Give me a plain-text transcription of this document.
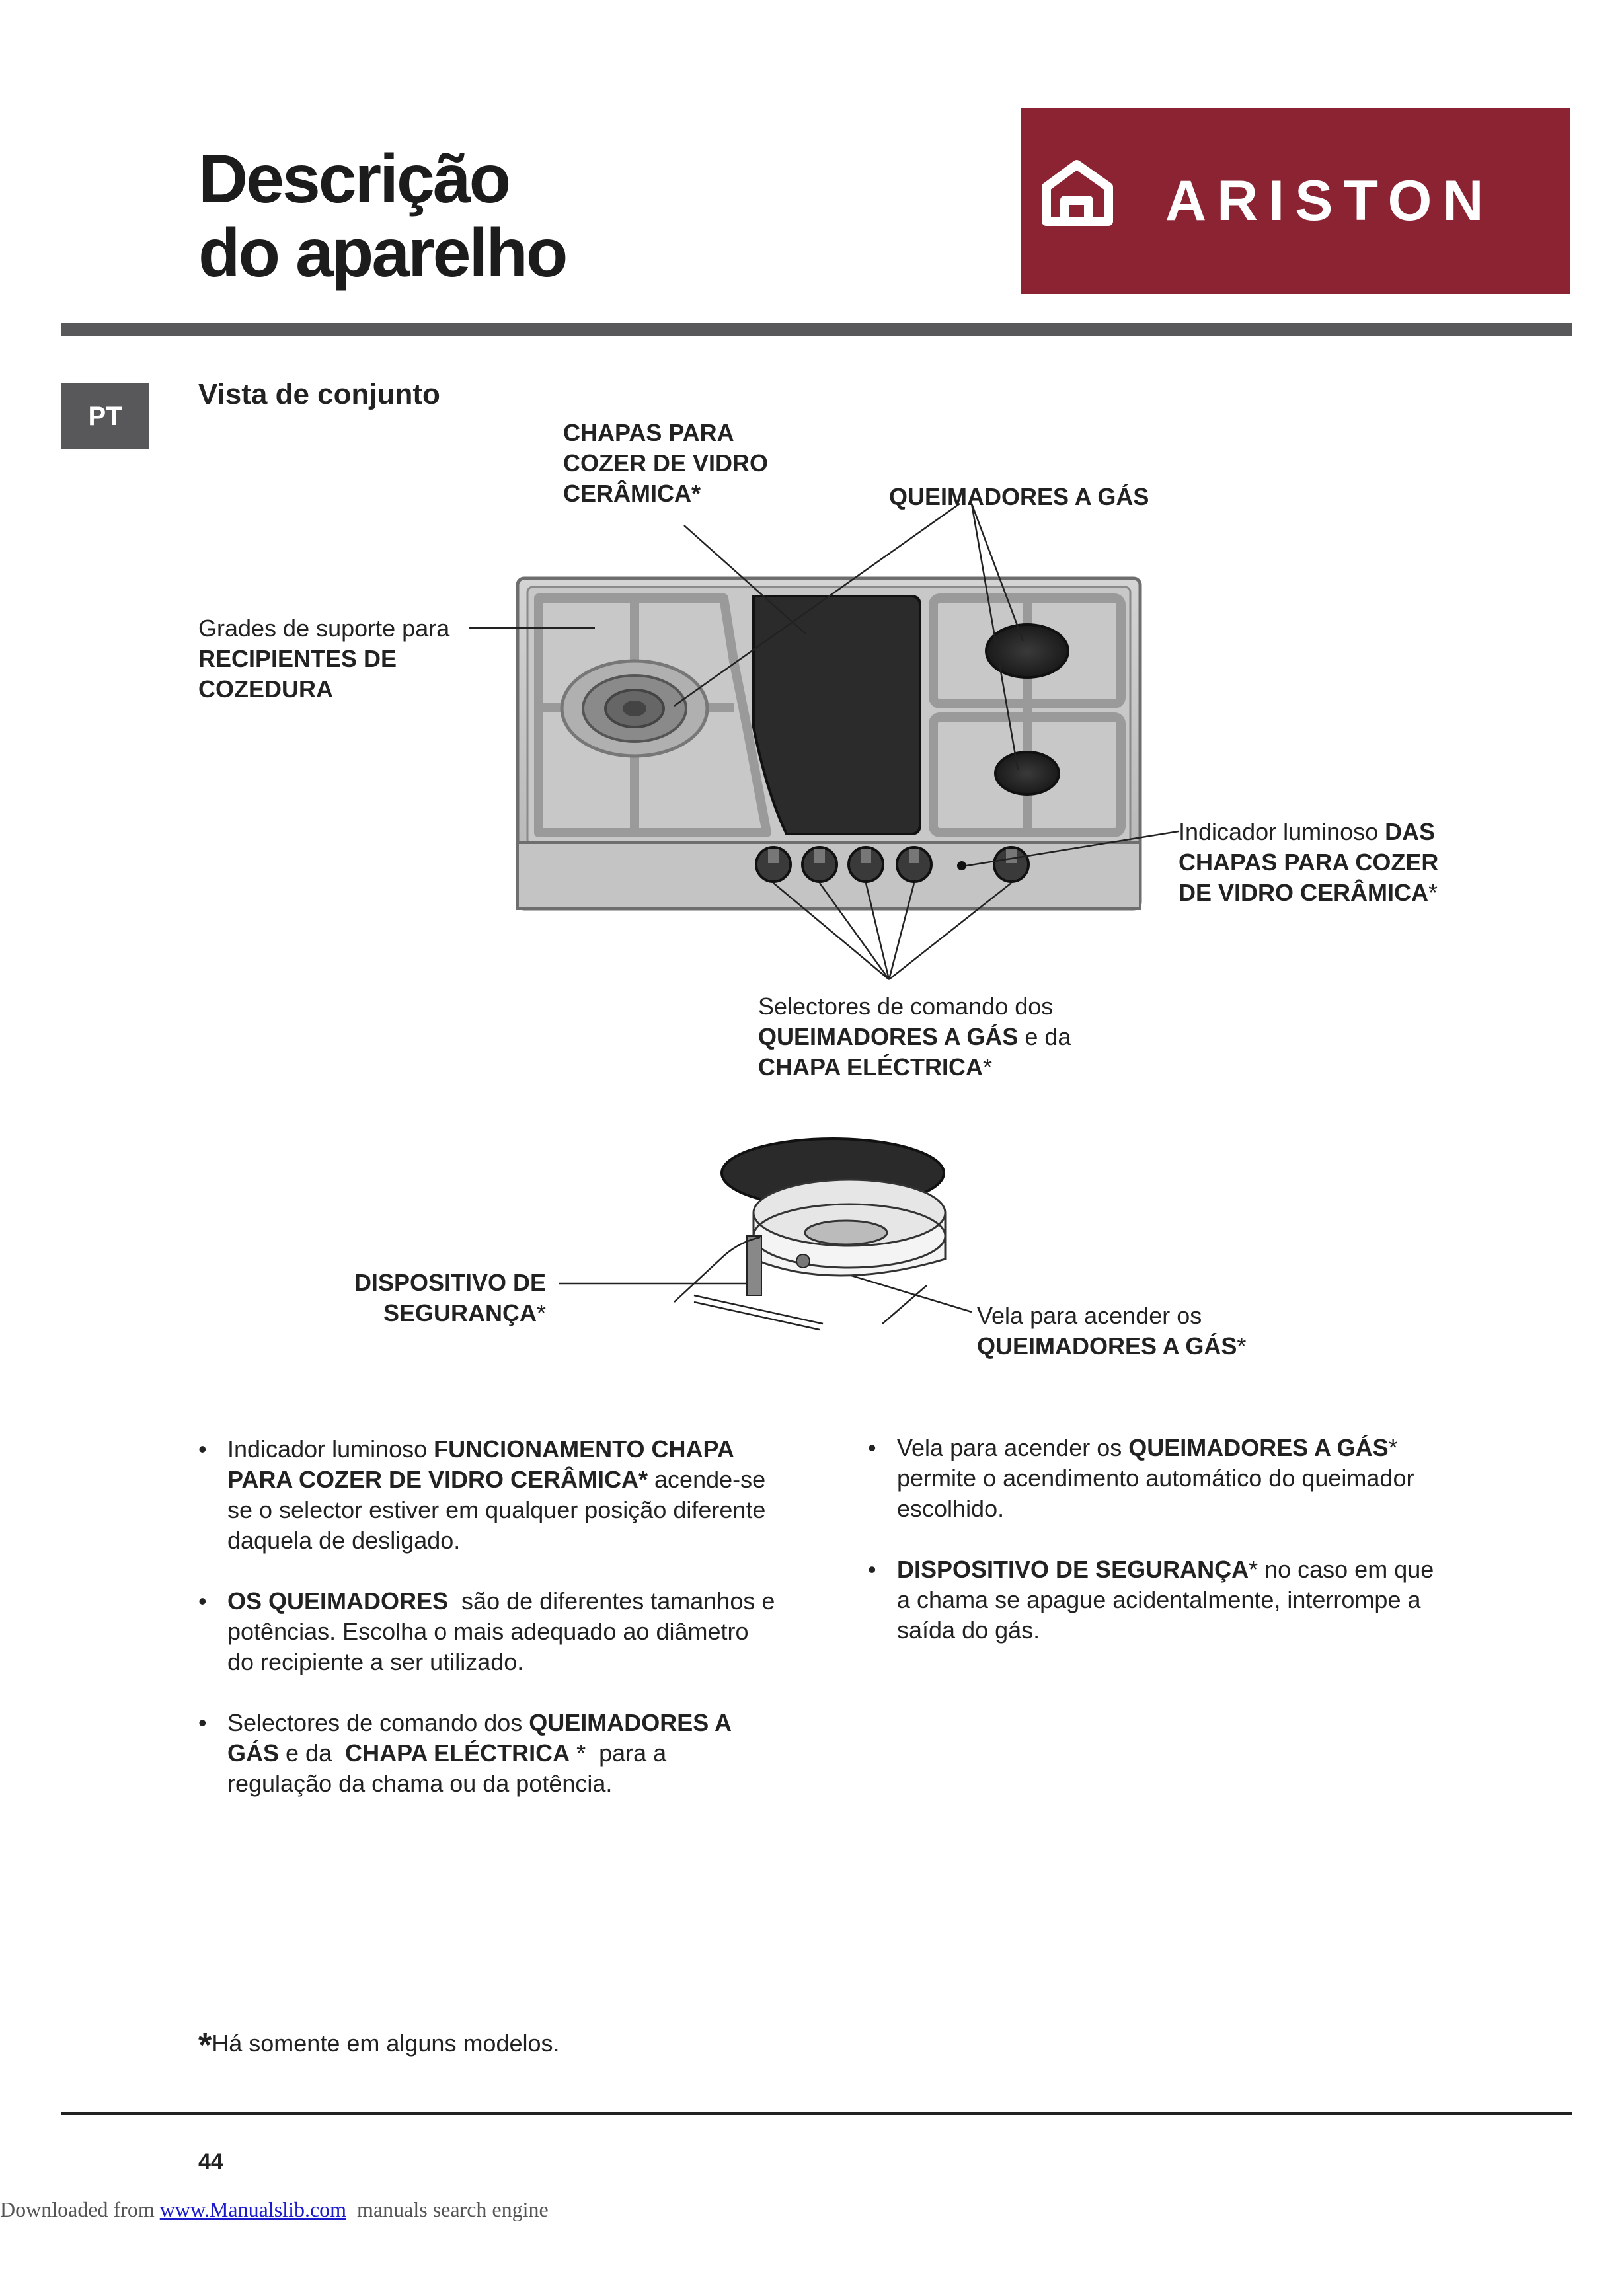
Descrição
do aparelho
ARISTON
PT
Vista de conjunto
CHAPAS PARA
COZER DE VIDRO
CERÂMICA*	QUEIMADORES A GÁS
Grades de suporte para
RECIPIENTES DE
COZEDURA
Indicador luminoso DAS
CHAPAS PARA COZER
DE VIDRO CERÂMICA*
Selectores de comando dos
QUEIMADORES A GÁS e da
CHAPA ELÉCTRICA*
DISPOSITIVO DE
SEGURANÇA*	Vela para acender os
QUEIMADORES A GÁS*
• Indicador luminoso FUNCIONAMENTO CHAPA
PARA COZER DE VIDRO CERÂMICA* acende-se
se o selector estiver em qualquer posição diferente
daquela de desligado.
• OS QUEIMADORES  são de diferentes tamanhos e
potências. Escolha o mais adequado ao diâmetro
do recipiente a ser utilizado.
• Selectores de comando dos QUEIMADORES A
GÁS e da  CHAPA ELÉCTRICA *  para a
regulação da chama ou da potência.
• Vela para acender os QUEIMADORES A GÁS*
permite o acendimento automático do queimador
escolhido.
• DISPOSITIVO DE SEGURANÇA* no caso em que
a chama se apague acidentalmente, interrompe a
saída do gás.
*Há somente em alguns modelos.
44
Downloaded from www.Manualslib.com  manuals search engine
